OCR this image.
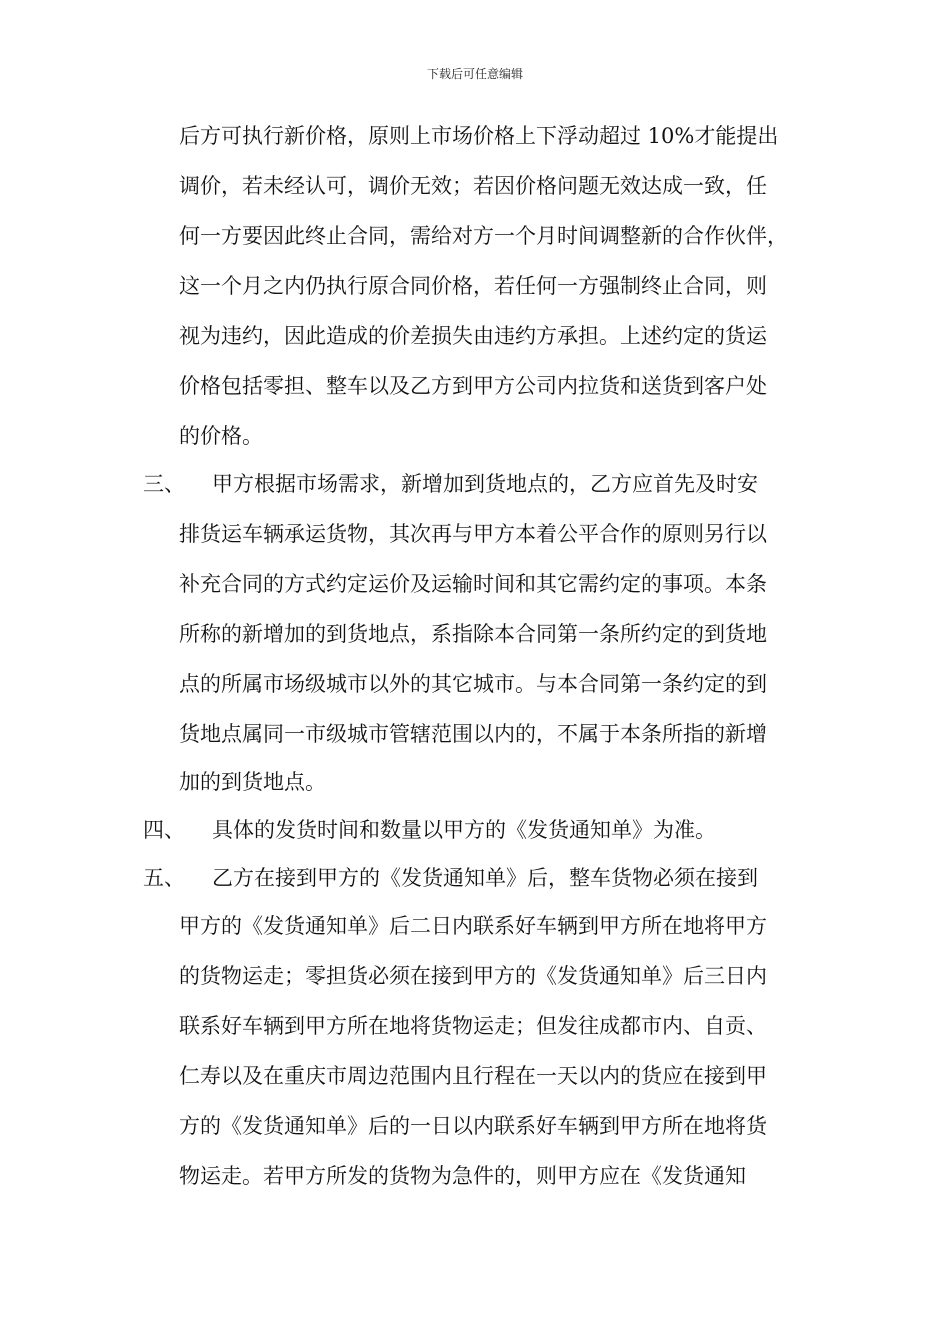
下载后可任意编辑
后方可执行新价格，原则上市场价格上下浮动超过 10%才能提出
调价，若未经认可，调价无效；若因价格问题无效达成一致，任
何一方要因此终止合同，需给对方一个月时间调整新的合作伙伴，
这一个月之内仍执行原合同价格，若任何一方强制终止合同，则
视为违约，因此造成的价差损失由违约方承担。上述约定的货运
价格包括零担、整车以及乙方到甲方公司内拉货和送货到客户处
的价格。
三、 甲方根据市场需求，新增加到货地点的，乙方应首先及时安
排货运车辆承运货物，其次再与甲方本着公平合作的原则另行以
补充合同的方式约定运价及运输时间和其它需约定的事项。本条
所称的新增加的到货地点，系指除本合同第一条所约定的到货地
点的所属市场级城市以外的其它城市。与本合同第一条约定的到
货地点属同一市级城市管辖范围以内的，不属于本条所指的新增
加的到货地点。
四、 具体的发货时间和数量以甲方的《发货通知单》为准。
五、 乙方在接到甲方的《发货通知单》后，整车货物必须在接到
甲方的《发货通知单》后二日内联系好车辆到甲方所在地将甲方
的货物运走；零担货必须在接到甲方的《发货通知单》后三日内
联系好车辆到甲方所在地将货物运走；但发往成都市内、自贡、
仁寿以及在重庆市周边范围内且行程在一天以内的货应在接到甲
方的《发货通知单》后的一日以内联系好车辆到甲方所在地将货
物运走。若甲方所发的货物为急件的，则甲方应在《发货通知
